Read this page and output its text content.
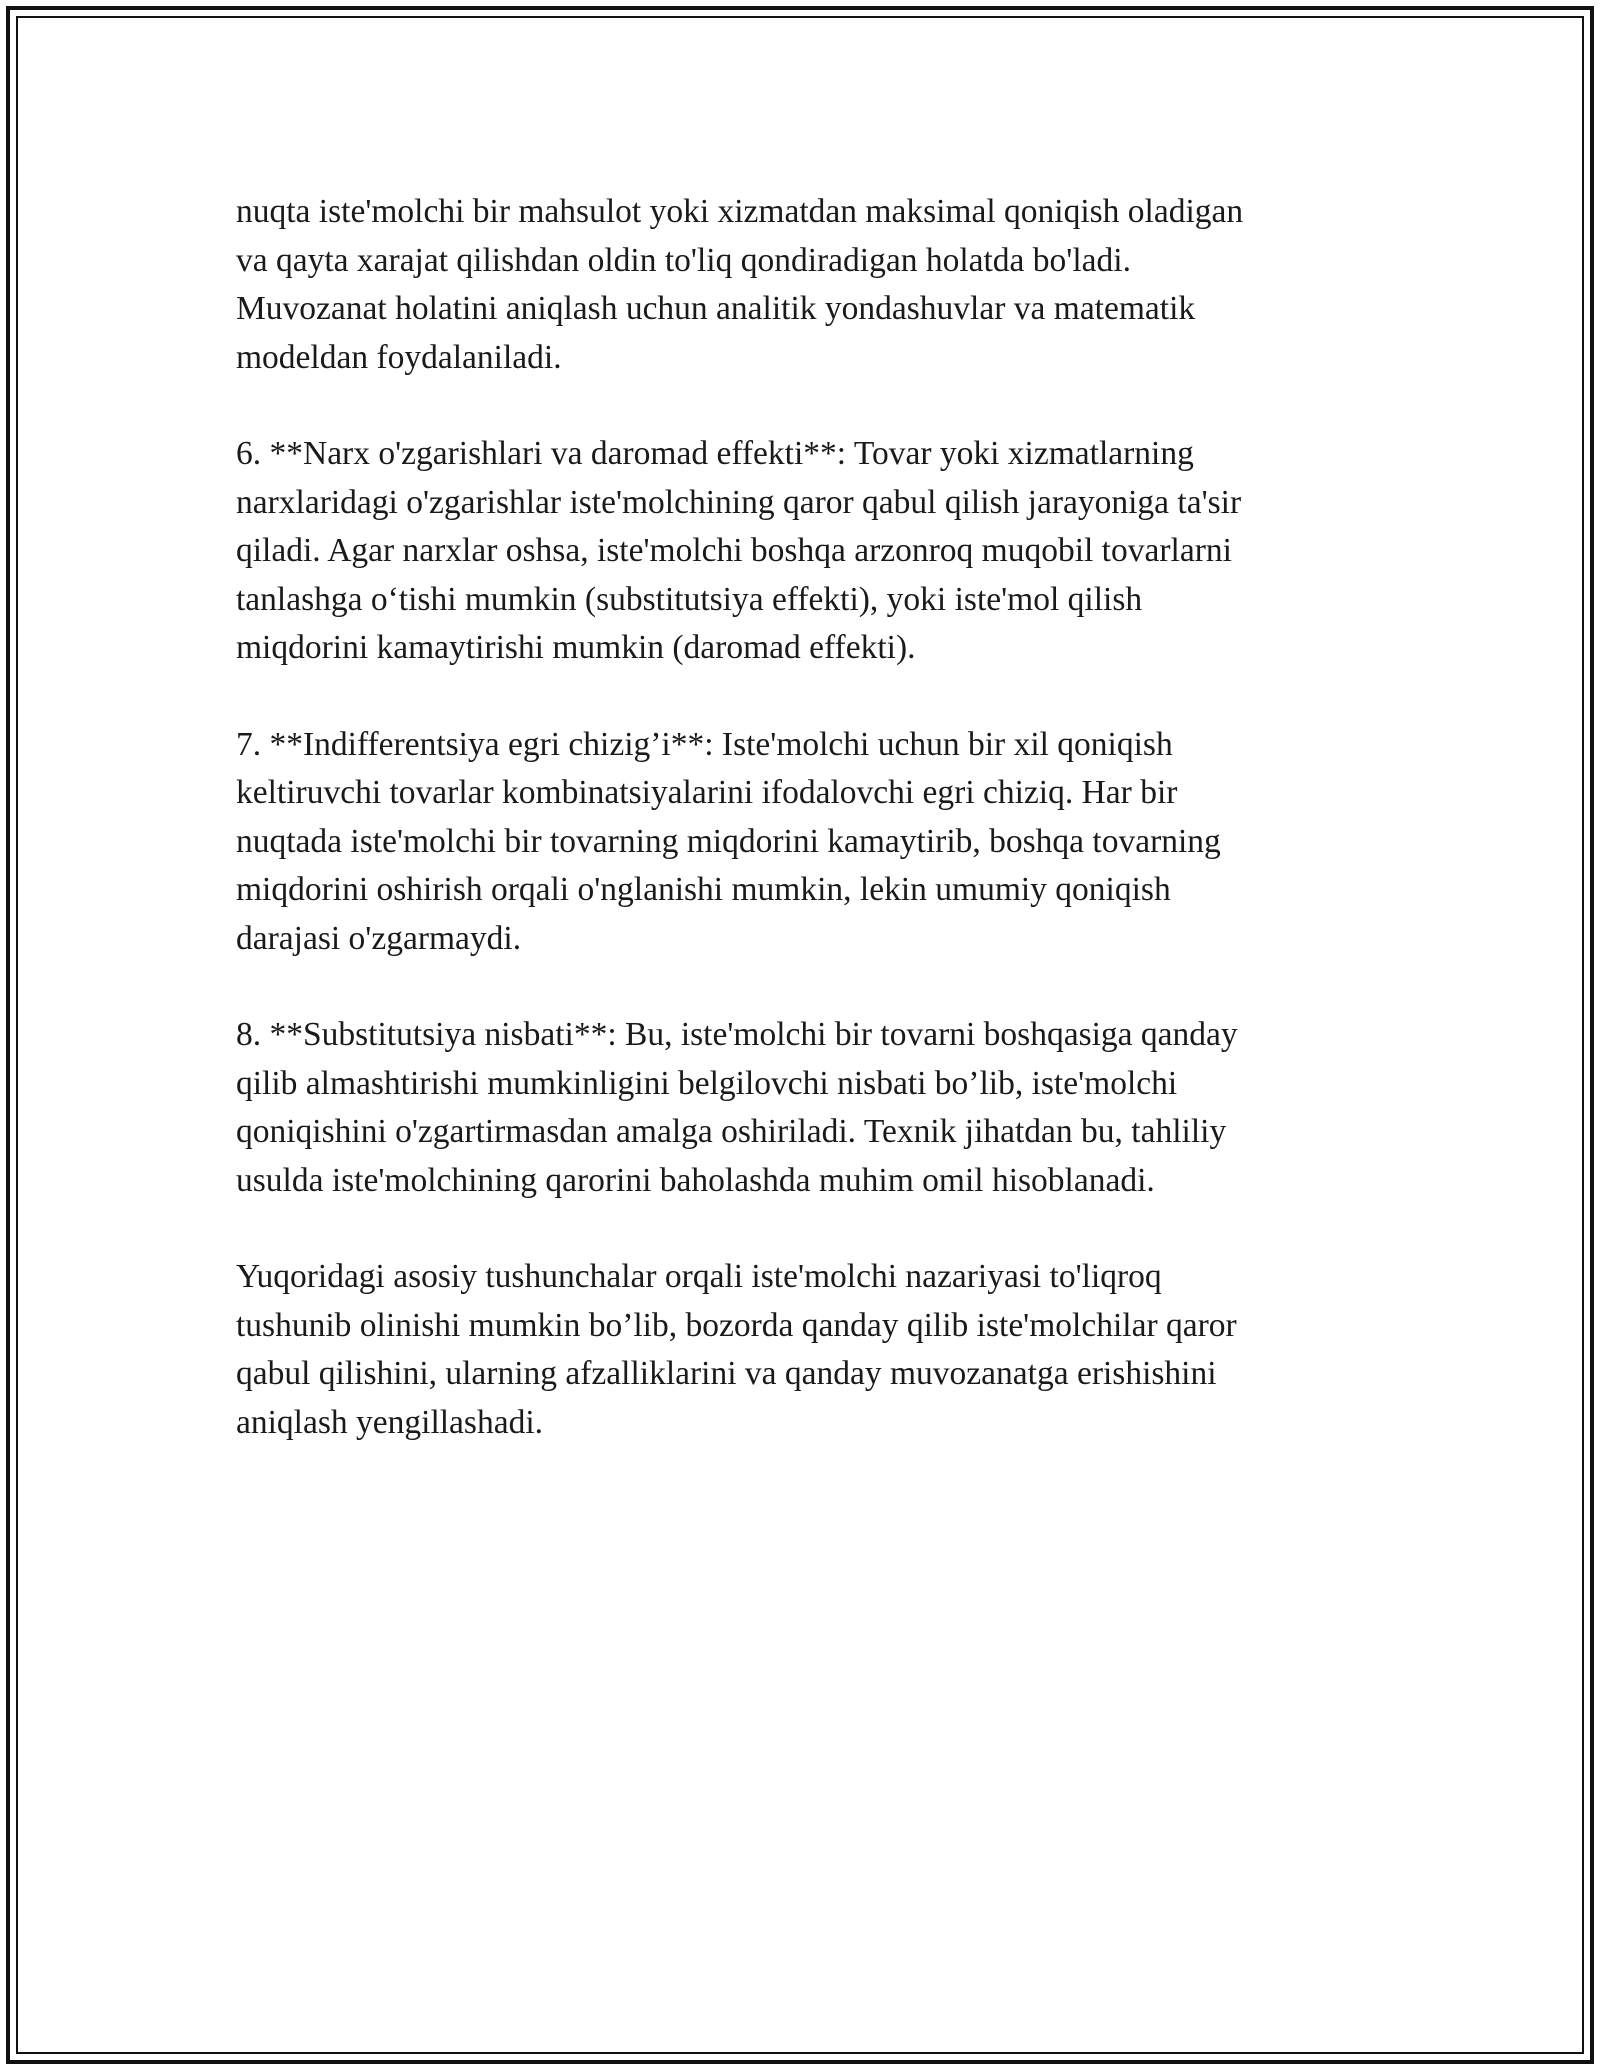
nuqta iste'molchi bir mahsulot yoki xizmatdan maksimal qoniqish oladigan
va qayta xarajat qilishdan oldin to'liq qondiradigan holatda bo'ladi.
Muvozanat holatini aniqlash uchun analitik yondashuvlar va matematik
modeldan foydalaniladi.

6. **Narx o'zgarishlari va daromad effekti**: Tovar yoki xizmatlarning
narxlaridagi o'zgarishlar iste'molchining qaror qabul qilish jarayoniga ta'sir
qiladi. Agar narxlar oshsa, iste'molchi boshqa arzonroq muqobil tovarlarni
tanlashga o‘tishi mumkin (substitutsiya effekti), yoki iste'mol qilish
miqdorini kamaytirishi mumkin (daromad effekti).

7. **Indifferentsiya egri chizig’i**: Iste'molchi uchun bir xil qoniqish
keltiruvchi tovarlar kombinatsiyalarini ifodalovchi egri chiziq. Har bir
nuqtada iste'molchi bir tovarning miqdorini kamaytirib, boshqa tovarning
miqdorini oshirish orqali o'nglanishi mumkin, lekin umumiy qoniqish
darajasi o'zgarmaydi.

8. **Substitutsiya nisbati**: Bu, iste'molchi bir tovarni boshqasiga qanday
qilib almashtirishi mumkinligini belgilovchi nisbati bo’lib, iste'molchi
qoniqishini o'zgartirmasdan amalga oshiriladi. Texnik jihatdan bu, tahliliy
usulda iste'molchining qarorini baholashda muhim omil hisoblanadi.

Yuqoridagi asosiy tushunchalar orqali iste'molchi nazariyasi to'liqroq
tushunib olinishi mumkin bo’lib, bozorda qanday qilib iste'molchilar qaror
qabul qilishini, ularning afzalliklarini va qanday muvozanatga erishishini
aniqlash yengillashadi.
